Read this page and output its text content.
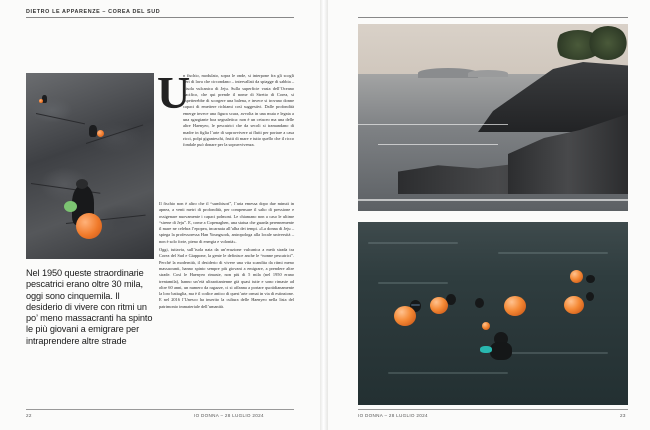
DIETRO LE APPARENZE – COREA DEL SUD
Nel 1950 queste straordinarie pescatrici erano oltre 30 mila, oggi sono cinquemila. Il desiderio di vivere con ritmi un po’ meno massacranti ha spinto le più giovani a emigrare per intraprendere altre strade
U

n fischio, modulato, sopra le onde, si interpone fra gli scogli neri di lava che circondano – intervallati da spiagge di sabbia – l’isola vulcanica di Jeju. Sulla superficie vasta dell’Oceano Pacifico, che qui prende il nome di Stretto di Corea, si aspetterebbe di scorgere una balena, e invece si trovano donne capaci di emettere richiami così suggestivi. Dalle profondità emerge invece una figura scura, avvolta in una muta e legata a una sgargiante boa segnaletica: non è un cetaceo ma una delle altre Haenyeo, le pescatrici che da secoli si tramandano di madre in figlia l’arte di sopravvivere ai flutti per portare a casa ricci, polpi giganteschi, frutti di mare e tutto quello che il ricco fondale può donare per la sopravvivenza.

Il fischio non è altro che il “sumbisori”, l’aria emessa dopo due minuti in apnea, a venti metri di profondità, per compensare il salto di pressione e ossigenare nuovamente i capaci polmoni. Le chiamano non a caso le ultime “sirene di Jeju”. E, come a Copenaghen, una statua che guarda perennemente il mare ne celebra l’epopea, incarnata all’alba dei tempi. «La donna di Jeju – spiega la professoressa Han Youngsook, antropologa alla locale università – non è solo forte, pieno di energia e volontà».

Oggi, tuttavia, sull’isola nata da un’eruzione vulcanica a metà strada tra Corea del Sud e Giappone, la gente le definisce anche le “nonne pescatrici”. Perché la modernità, il desiderio di vivere una vita scandita da ritmi meno massacranti, hanno spinto sempre più giovani a emigrare, a prendere altre strade. Così le Haenyeo rimaste, non più di 5 mila (nel 1950 erano trentamila), hanno un’età ultraottantenne già quasi tutte e sono rimaste ad oltre 60 anni, un numero da ragazze, ci si affanna a portare quotidianamente la loro battaglia, ma è il codice antico di quest’arte ormai in via di estinzione. E nel 2016 l’Unesco ha inserito la cultura delle Haenyeo nella lista del patrimonio immateriale dell’umanità.

22	IO DONNA – 28 LUGLIO 2024	IO DONNA – 28 LUGLIO 2024	23
